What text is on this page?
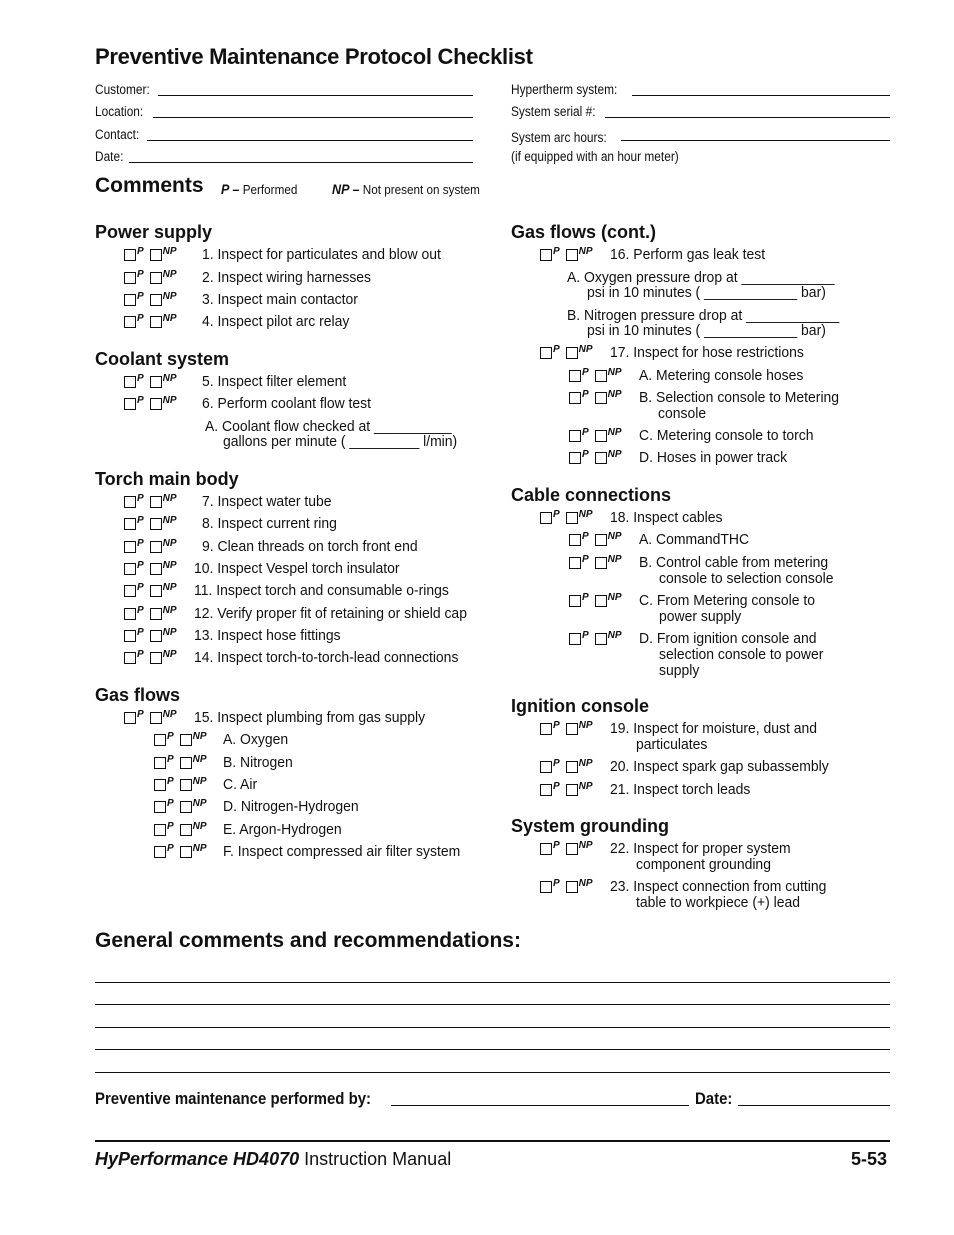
Preventive Maintenance Protocol Checklist
Customer:
Location:
Contact:
Date:
Hypertherm system:
System serial #:
System arc hours:
(if equipped with an hour meter)
Comments P – Performed NP – Not present on system
General comments and recommendations:
Preventive maintenance performed by:	Date:
HyPerformance HD4070 Instruction Manual	5-53
Power supply
P NP 1. Inspect for particulates and blow out
P NP 2. Inspect wiring harnesses
P NP 3. Inspect main contactor
P NP 4. Inspect pilot arc relay
Coolant system
P NP 5. Inspect filter element
P NP 6. Perform coolant flow test
A. Coolant flow checked at __________
gallons per minute ( _________ l/min)
Torch main body
P NP 7. Inspect water tube
P NP 8. Inspect current ring
P NP 9. Clean threads on torch front end
P NP 10. Inspect Vespel torch insulator
P NP 11. Inspect torch and consumable o-rings
P NP 12. Verify proper fit of retaining or shield cap
P NP 13. Inspect hose fittings
P NP 14. Inspect torch-to-torch-lead connections
Gas flows
P NP 15. Inspect plumbing from gas supply
P NP A. Oxygen
P NP B. Nitrogen
P NP C. Air
P NP D. Nitrogen-Hydrogen
P NP E. Argon-Hydrogen
P NP F. Inspect compressed air filter system
Gas flows (cont.)
P NP 16. Perform gas leak test
A. Oxygen pressure drop at ____________
psi in 10 minutes ( ____________ bar)
B. Nitrogen pressure drop at ____________
psi in 10 minutes ( ____________ bar)
P NP 17. Inspect for hose restrictions
P NP A. Metering console hoses
P NP B. Selection console to Metering
console
P NP C. Metering console to torch
P NP D. Hoses in power track
Cable connections
P NP 18. Inspect cables
P NP A. CommandTHC
P NP B. Control cable from metering
console to selection console
P NP C. From Metering console to
power supply
P NP D. From ignition console and
selection console to power
supply
Ignition console
P NP 19. Inspect for moisture, dust and
particulates
P NP 20. Inspect spark gap subassembly
P NP 21. Inspect torch leads
System grounding
P NP 22. Inspect for proper system
component grounding
P NP 23. Inspect connection from cutting
table to workpiece (+) lead
